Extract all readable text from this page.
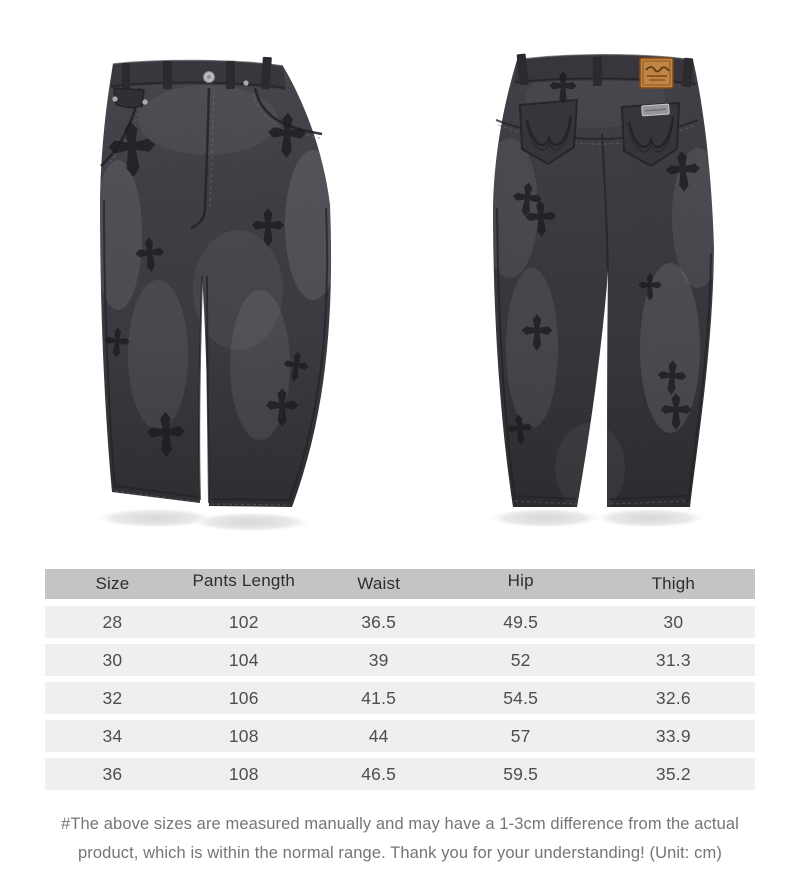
Size	Pants Length	Waist	Hip	Thigh
28	102	36.5	49.5	30
30	104	39	52	31.3
32	106	41.5	54.5	32.6
34	108	44	57	33.9
36	108	46.5	59.5	35.2
#The above sizes are measured manually and may have a 1-3cm difference from the actual
product, which is within the normal range. Thank you for your understanding! (Unit: cm)
